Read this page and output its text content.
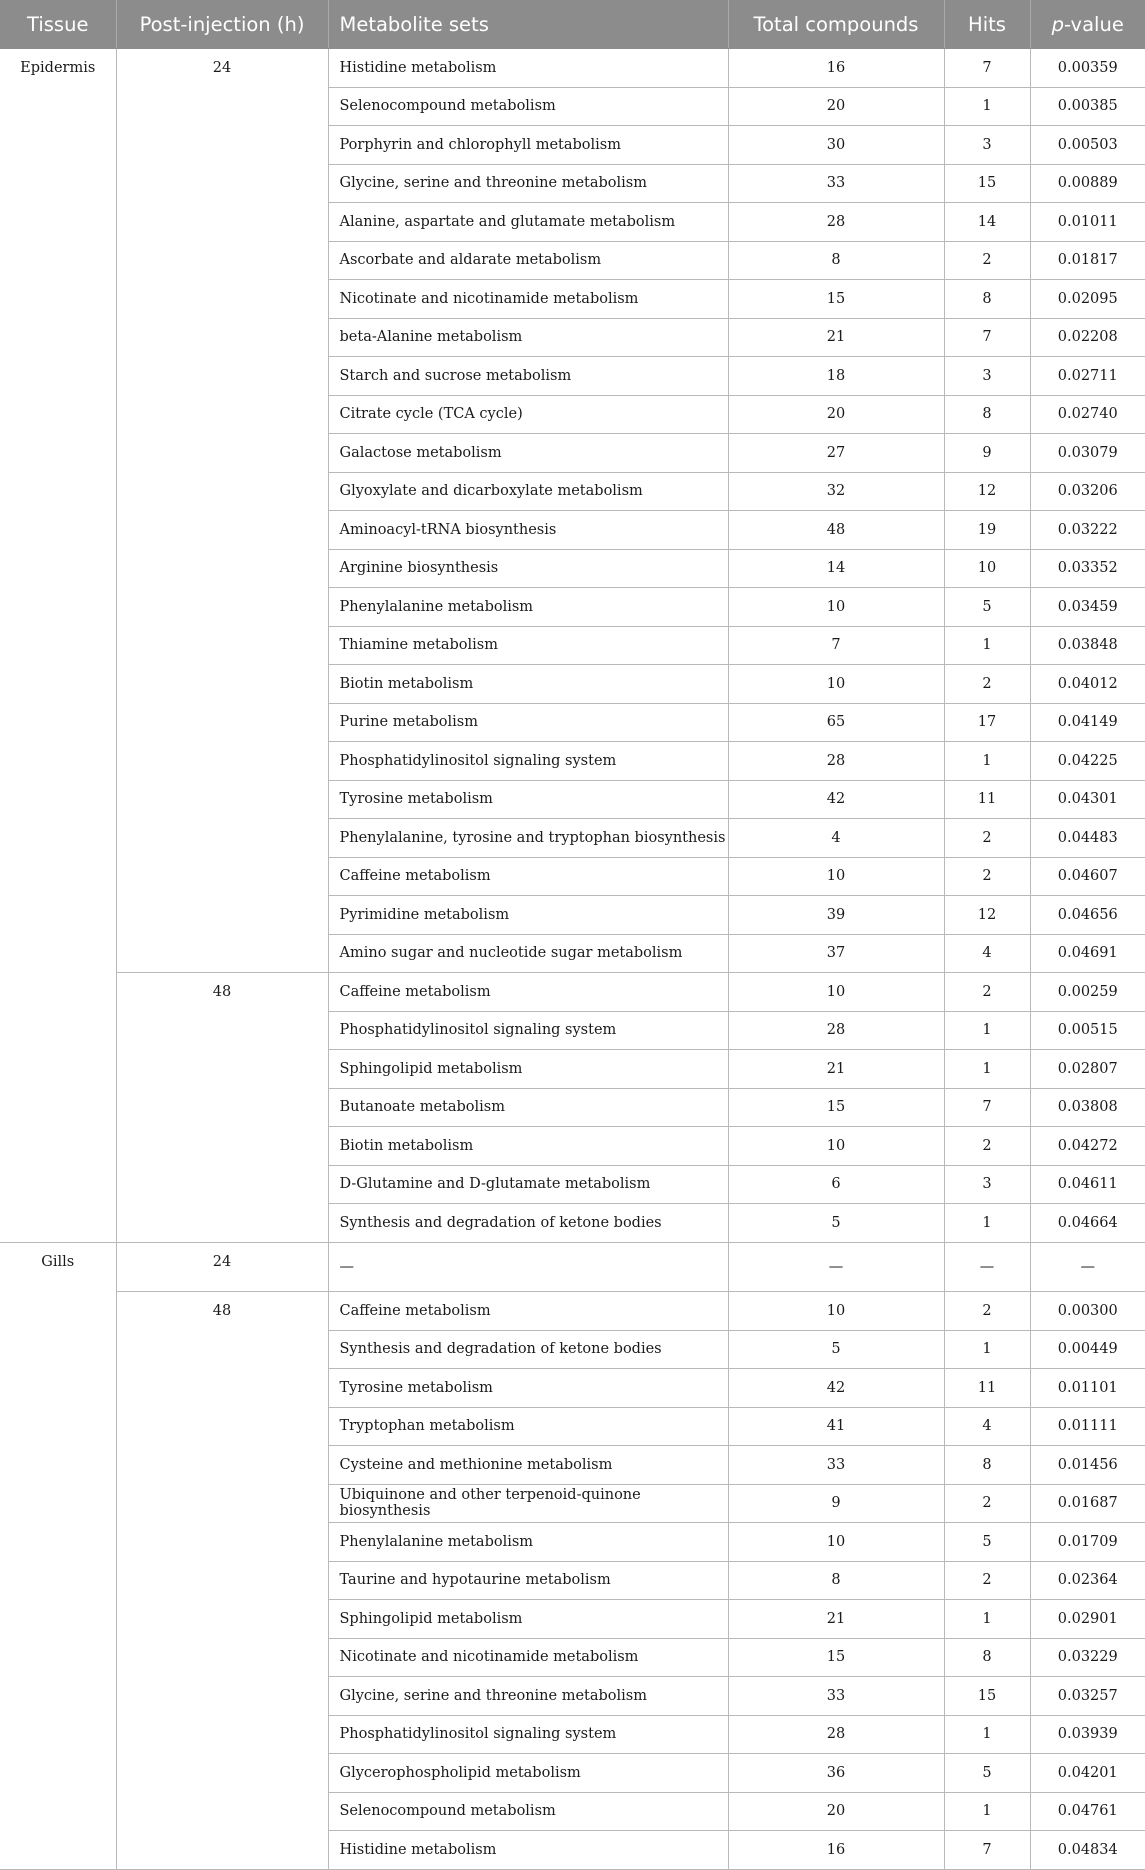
Tissue	Post-injection (h)	Metabolite sets	Total compounds	Hits	p-value
Epidermis	24	Histidine metabolism	16	7	0.00359
		Selenocompound metabolism	20	1	0.00385
		Porphyrin and chlorophyll metabolism	30	3	0.00503
		Glycine, serine and threonine metabolism	33	15	0.00889
		Alanine, aspartate and glutamate metabolism	28	14	0.01011
		Ascorbate and aldarate metabolism	8	2	0.01817
		Nicotinate and nicotinamide metabolism	15	8	0.02095
		beta-Alanine metabolism	21	7	0.02208
		Starch and sucrose metabolism	18	3	0.02711
		Citrate cycle (TCA cycle)	20	8	0.02740
		Galactose metabolism	27	9	0.03079
		Glyoxylate and dicarboxylate metabolism	32	12	0.03206
		Aminoacyl-tRNA biosynthesis	48	19	0.03222
		Arginine biosynthesis	14	10	0.03352
		Phenylalanine metabolism	10	5	0.03459
		Thiamine metabolism	7	1	0.03848
		Biotin metabolism	10	2	0.04012
		Purine metabolism	65	17	0.04149
		Phosphatidylinositol signaling system	28	1	0.04225
		Tyrosine metabolism	42	11	0.04301
		Phenylalanine, tyrosine and tryptophan biosynthesis	4	2	0.04483
		Caffeine metabolism	10	2	0.04607
		Pyrimidine metabolism	39	12	0.04656
		Amino sugar and nucleotide sugar metabolism	37	4	0.04691
	48	Caffeine metabolism	10	2	0.00259
		Phosphatidylinositol signaling system	28	1	0.00515
		Sphingolipid metabolism	21	1	0.02807
		Butanoate metabolism	15	7	0.03808
		Biotin metabolism	10	2	0.04272
		D-Glutamine and D-glutamate metabolism	6	3	0.04611
		Synthesis and degradation of ketone bodies	5	1	0.04664
Gills	24	—	—	—	—
	48	Caffeine metabolism	10	2	0.00300
		Synthesis and degradation of ketone bodies	5	1	0.00449
		Tyrosine metabolism	42	11	0.01101
		Tryptophan metabolism	41	4	0.01111
		Cysteine and methionine metabolism	33	8	0.01456
		Ubiquinone and other terpenoid-quinone biosynthesis	9	2	0.01687
		Phenylalanine metabolism	10	5	0.01709
		Taurine and hypotaurine metabolism	8	2	0.02364
		Sphingolipid metabolism	21	1	0.02901
		Nicotinate and nicotinamide metabolism	15	8	0.03229
		Glycine, serine and threonine metabolism	33	15	0.03257
		Phosphatidylinositol signaling system	28	1	0.03939
		Glycerophospholipid metabolism	36	5	0.04201
		Selenocompound metabolism	20	1	0.04761
		Histidine metabolism	16	7	0.04834
